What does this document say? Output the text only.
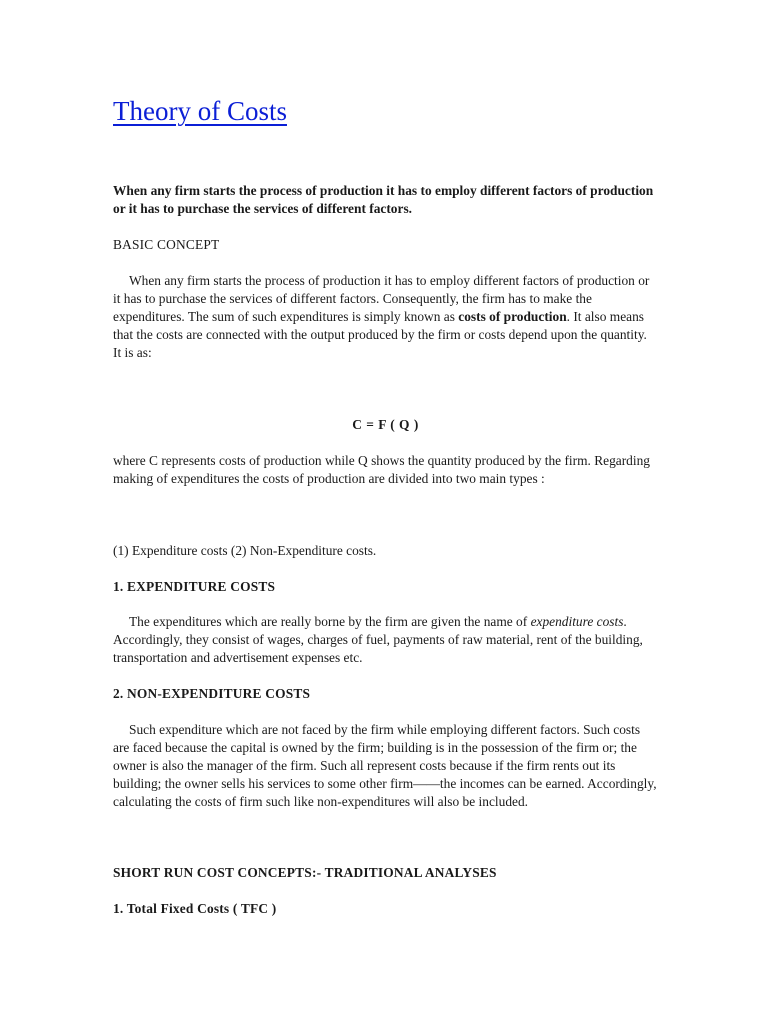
Theory of Costs

When any firm starts the process of production it has to employ different factors of production or it has to purchase the services of different factors.

BASIC CONCEPT

When any firm starts the process of production it has to employ different factors of production or it has to purchase the services of different factors. Consequently, the firm has to make the expenditures. The sum of such expenditures is simply known as costs of production. It also means that the costs are connected with the output produced by the firm or costs depend upon the quantity. It is as:

C = F ( Q )

where C represents costs of production while Q shows the quantity produced by the firm. Regarding making of expenditures the costs of production are divided into two main types :

(1) Expenditure costs (2) Non-Expenditure costs.

1. EXPENDITURE COSTS

The expenditures which are really borne by the firm are given the name of expenditure costs. Accordingly, they consist of wages, charges of fuel, payments of raw material, rent of the building, transportation and advertisement expenses etc.

2. NON-EXPENDITURE COSTS

Such expenditure which are not faced by the firm while employing different factors. Such costs are faced because the capital is owned by the firm; building is in the possession of the firm or; the owner is also the manager of the firm. Such all represent costs because if the firm rents out its building; the owner sells his services to some other firm——the incomes can be earned. Accordingly, calculating the costs of firm such like non-expenditures will also be included.

SHORT RUN COST CONCEPTS:- TRADITIONAL ANALYSES

1. Total Fixed Costs ( TFC )
